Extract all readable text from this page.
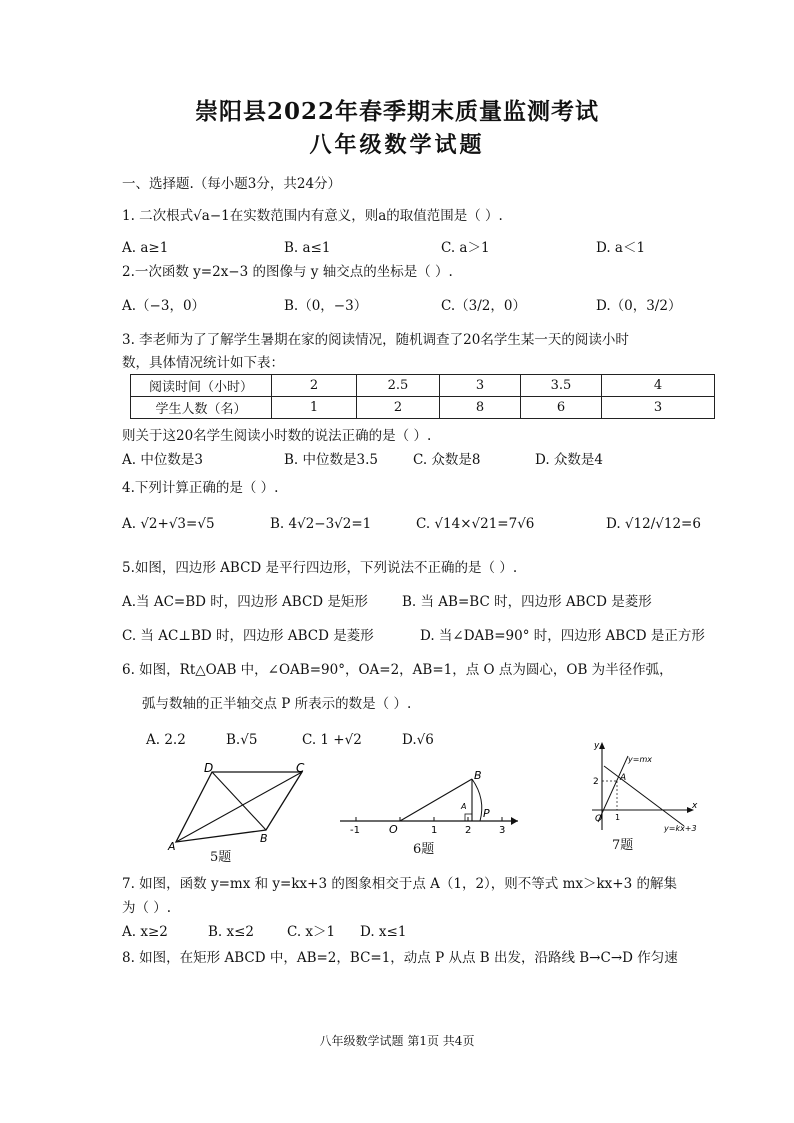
崇阳县2022年春季期末质量监测考试
八年级数学试题
一、选择题.（每小题3分，共24分）
1. 二次根式√a−1在实数范围内有意义，则a的取值范围是（ ）.
A. a≥1	B. a≤1	C. a＞1	D. a＜1
2.一次函数 y=2x−3 的图像与 y 轴交点的坐标是（ ）.
A.（−3，0）	B.（0，−3）	C.（3/2，0）	D.（0，3/2）
3. 李老师为了了解学生暑期在家的阅读情况，随机调查了20名学生某一天的阅读小时
数，具体情况统计如下表：
阅读时间（小时）	2	2.5	3	3.5	4
学生人数（名）	1	2	8	6	3
则关于这20名学生阅读小时数的说法正确的是（ ）.
A. 中位数是3	B. 中位数是3.5	C. 众数是8	D. 众数是4
4.下列计算正确的是（ ）.
A. √2+√3=√5	B. 4√2−3√2=1	C. √14×√21=7√6	D. √12/√12=6
5.如图，四边形 ABCD 是平行四边形，下列说法不正确的是（ ）.
A.当 AC=BD 时，四边形 ABCD 是矩形	B. 当 AB=BC 时，四边形 ABCD 是菱形
C. 当 AC⊥BD 时，四边形 ABCD 是菱形	D. 当∠DAB=90° 时，四边形 ABCD 是正方形
6. 如图，Rt△OAB 中，∠OAB=90°，OA=2，AB=1，点 O 点为圆心，OB 为半径作弧，
弧与数轴的正半轴交点 P 所表示的数是（ ）.
A. 2.2	B.√5	C. 1 +√2	D.√6
D	C
A
B
5题
B
A
P
O
-1	1	2	3
6题
y
x
y=mx
A
2
O 1
y=kx+3
7题
7. 如图，函数 y=mx 和 y=kx+3 的图象相交于点 A（1，2），则不等式 mx＞kx+3 的解集
为（ ）.
A. x≥2	B. x≤2 C. x＞1 D. x≤1
8. 如图，在矩形 ABCD 中，AB=2，BC=1，动点 P 从点 B 出发，沿路线 B→C→D 作匀速
八年级数学试题 第1页 共4页
